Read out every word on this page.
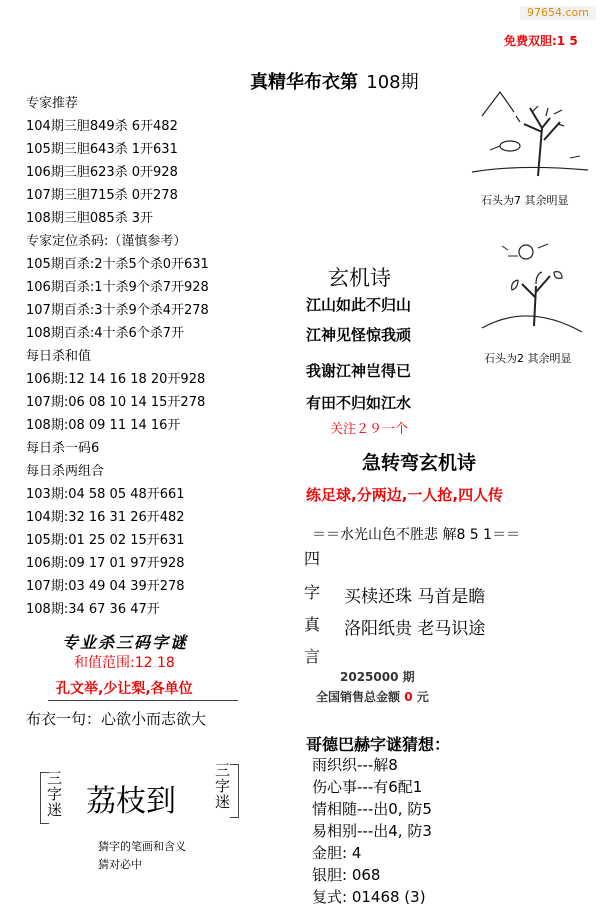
97654.com
免费双胆:1 5
真精华布衣第 108期
专家推荐
104期三胆849杀 6开482
105期三胆643杀 1开631
106期三胆623杀 0开928
107期三胆715杀 0开278
108期三胆085杀 3开
专家定位杀码:（谨慎参考）
105期百杀:2十杀5个杀0开631
106期百杀:1十杀9个杀7开928
107期百杀:3十杀9个杀4开278
108期百杀:4十杀6个杀7开
每日杀和值
106期:12 14 16 18 20开928
107期:06 08 10 14 15开278
108期:08 09 11 14 16开
每日杀一码6
每日杀两组合
103期:04 58 05 48开661
104期:32 16 31 26开482
105期:01 25 02 15开631
106期:09 17 01 97开928
107期:03 49 04 39开278
108期:34 67 36 47开
专业杀三码字谜
和值范围:12 18
孔文举,少让梨,各单位
布衣一句：心欲小而志欲大
三字迷 荔枝到 三字迷
猜字的笔画和含义
猜对必中
石头为7 其余明显
石头为2 其余明显
玄机诗
江山如此不归山
江神见怪惊我顽
我谢江神岂得已
有田不归如江水
关注２９一个
急转弯玄机诗
练足球,分两边,一人抢,四人传
＝＝水光山色不胜悲 解8 5 1＝＝
四
字
真
言
买椟还珠 马首是瞻
洛阳纸贵 老马识途
2025000 期
全国销售总金额 0 元
哥德巴赫字谜猜想：
雨织织---解8
伤心事---有6配1
情相随---出0, 防5
易相别---出4, 防3
金胆: 4
银胆: 068
复式: 01468 (3)
